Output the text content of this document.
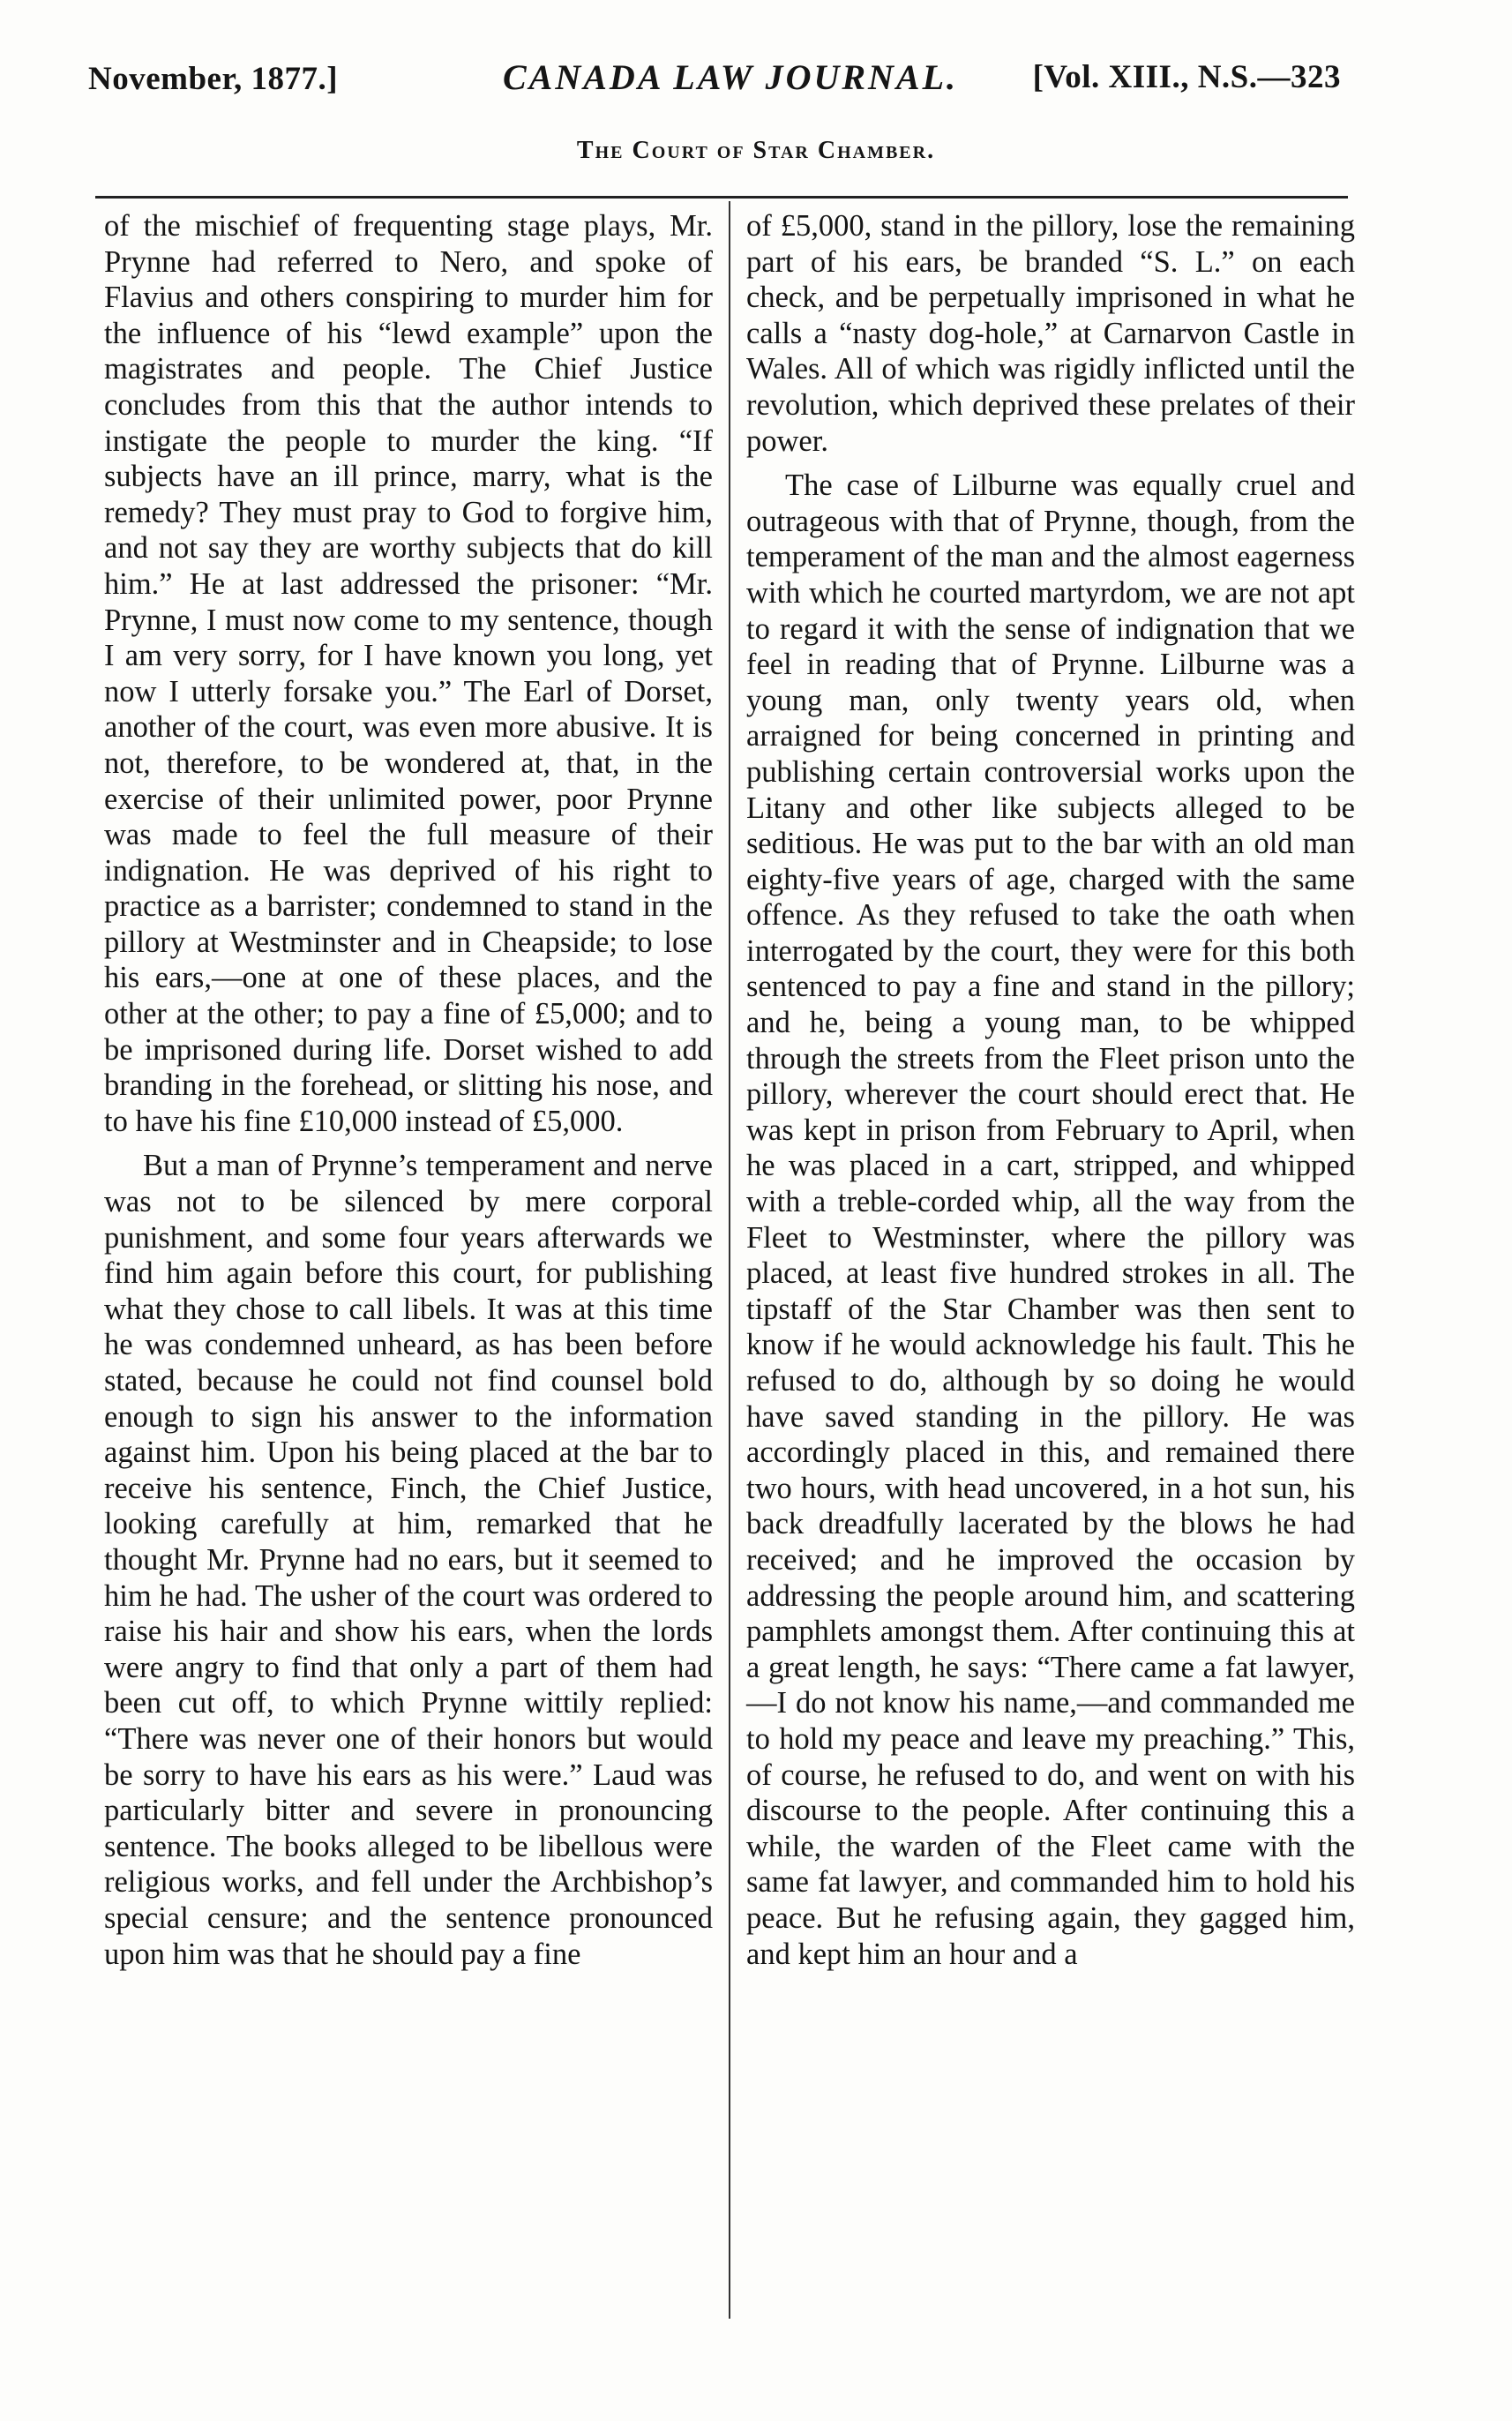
November, 1877.]	CANADA LAW JOURNAL. [Vol. XIII., N.S.—323
The Court of Star Chamber.

of the mischief of frequenting stage plays, Mr. Prynne had referred to Nero, and spoke of Flavius and others conspiring to murder him for the influence of his “lewd example” upon the magistrates and people. The Chief Justice concludes from this that the author intends to instigate the people to murder the king. “If subjects have an ill prince, marry, what is the remedy? They must pray to God to forgive him, and not say they are worthy subjects that do kill him.” He at last addressed the prisoner: “Mr. Prynne, I must now come to my sentence, though I am very sorry, for I have known you long, yet now I utterly forsake you.” The Earl of Dorset, another of the court, was even more abusive. It is not, therefore, to be wondered at, that, in the exercise of their unlimited power, poor Prynne was made to feel the full measure of their indignation. He was deprived of his right to practice as a barrister; condemned to stand in the pillory at Westminster and in Cheapside; to lose his ears,—one at one of these places, and the other at the other; to pay a fine of £5,000; and to be imprisoned during life. Dorset wished to add branding in the forehead, or slitting his nose, and to have his fine £10,000 instead of £5,000.

But a man of Prynne’s temperament and nerve was not to be silenced by mere corporal punishment, and some four years afterwards we find him again before this court, for publishing what they chose to call libels. It was at this time he was condemned unheard, as has been before stated, because he could not find counsel bold enough to sign his answer to the information against him. Upon his being placed at the bar to receive his sentence, Finch, the Chief Justice, looking carefully at him, remarked that he thought Mr. Prynne had no ears, but it seemed to him he had. The usher of the court was ordered to raise his hair and show his ears, when the lords were angry to find that only a part of them had been cut off, to which Prynne wittily replied: “There was never one of their honors but would be sorry to have his ears as his were.” Laud was particularly bitter and severe in pronouncing sentence. The books alleged to be libellous were religious works, and fell under the Archbishop’s special censure; and the sentence pronounced upon him was that he should pay a fine

of £5,000, stand in the pillory, lose the remaining part of his ears, be branded “S. L.” on each check, and be perpetually imprisoned in what he calls a “nasty dog-hole,” at Carnarvon Castle in Wales. All of which was rigidly inflicted until the revolution, which deprived these prelates of their power.

The case of Lilburne was equally cruel and outrageous with that of Prynne, though, from the temperament of the man and the almost eagerness with which he courted martyrdom, we are not apt to regard it with the sense of indignation that we feel in reading that of Prynne. Lilburne was a young man, only twenty years old, when arraigned for being concerned in printing and publishing certain controversial works upon the Litany and other like subjects alleged to be seditious. He was put to the bar with an old man eighty-five years of age, charged with the same offence. As they refused to take the oath when interrogated by the court, they were for this both sentenced to pay a fine and stand in the pillory; and he, being a young man, to be whipped through the streets from the Fleet prison unto the pillory, wherever the court should erect that. He was kept in prison from February to April, when he was placed in a cart, stripped, and whipped with a treble-corded whip, all the way from the Fleet to Westminster, where the pillory was placed, at least five hundred strokes in all. The tipstaff of the Star Chamber was then sent to know if he would acknowledge his fault. This he refused to do, although by so doing he would have saved standing in the pillory. He was accordingly placed in this, and remained there two hours, with head uncovered, in a hot sun, his back dreadfully lacerated by the blows he had received; and he improved the occasion by addressing the people around him, and scattering pamphlets amongst them. After continuing this at a great length, he says: “There came a fat lawyer,—I do not know his name,—and commanded me to hold my peace and leave my preaching.” This, of course, he refused to do, and went on with his discourse to the people. After continuing this a while, the warden of the Fleet came with the same fat lawyer, and commanded him to hold his peace. But he refusing again, they gagged him, and kept him an hour and a
